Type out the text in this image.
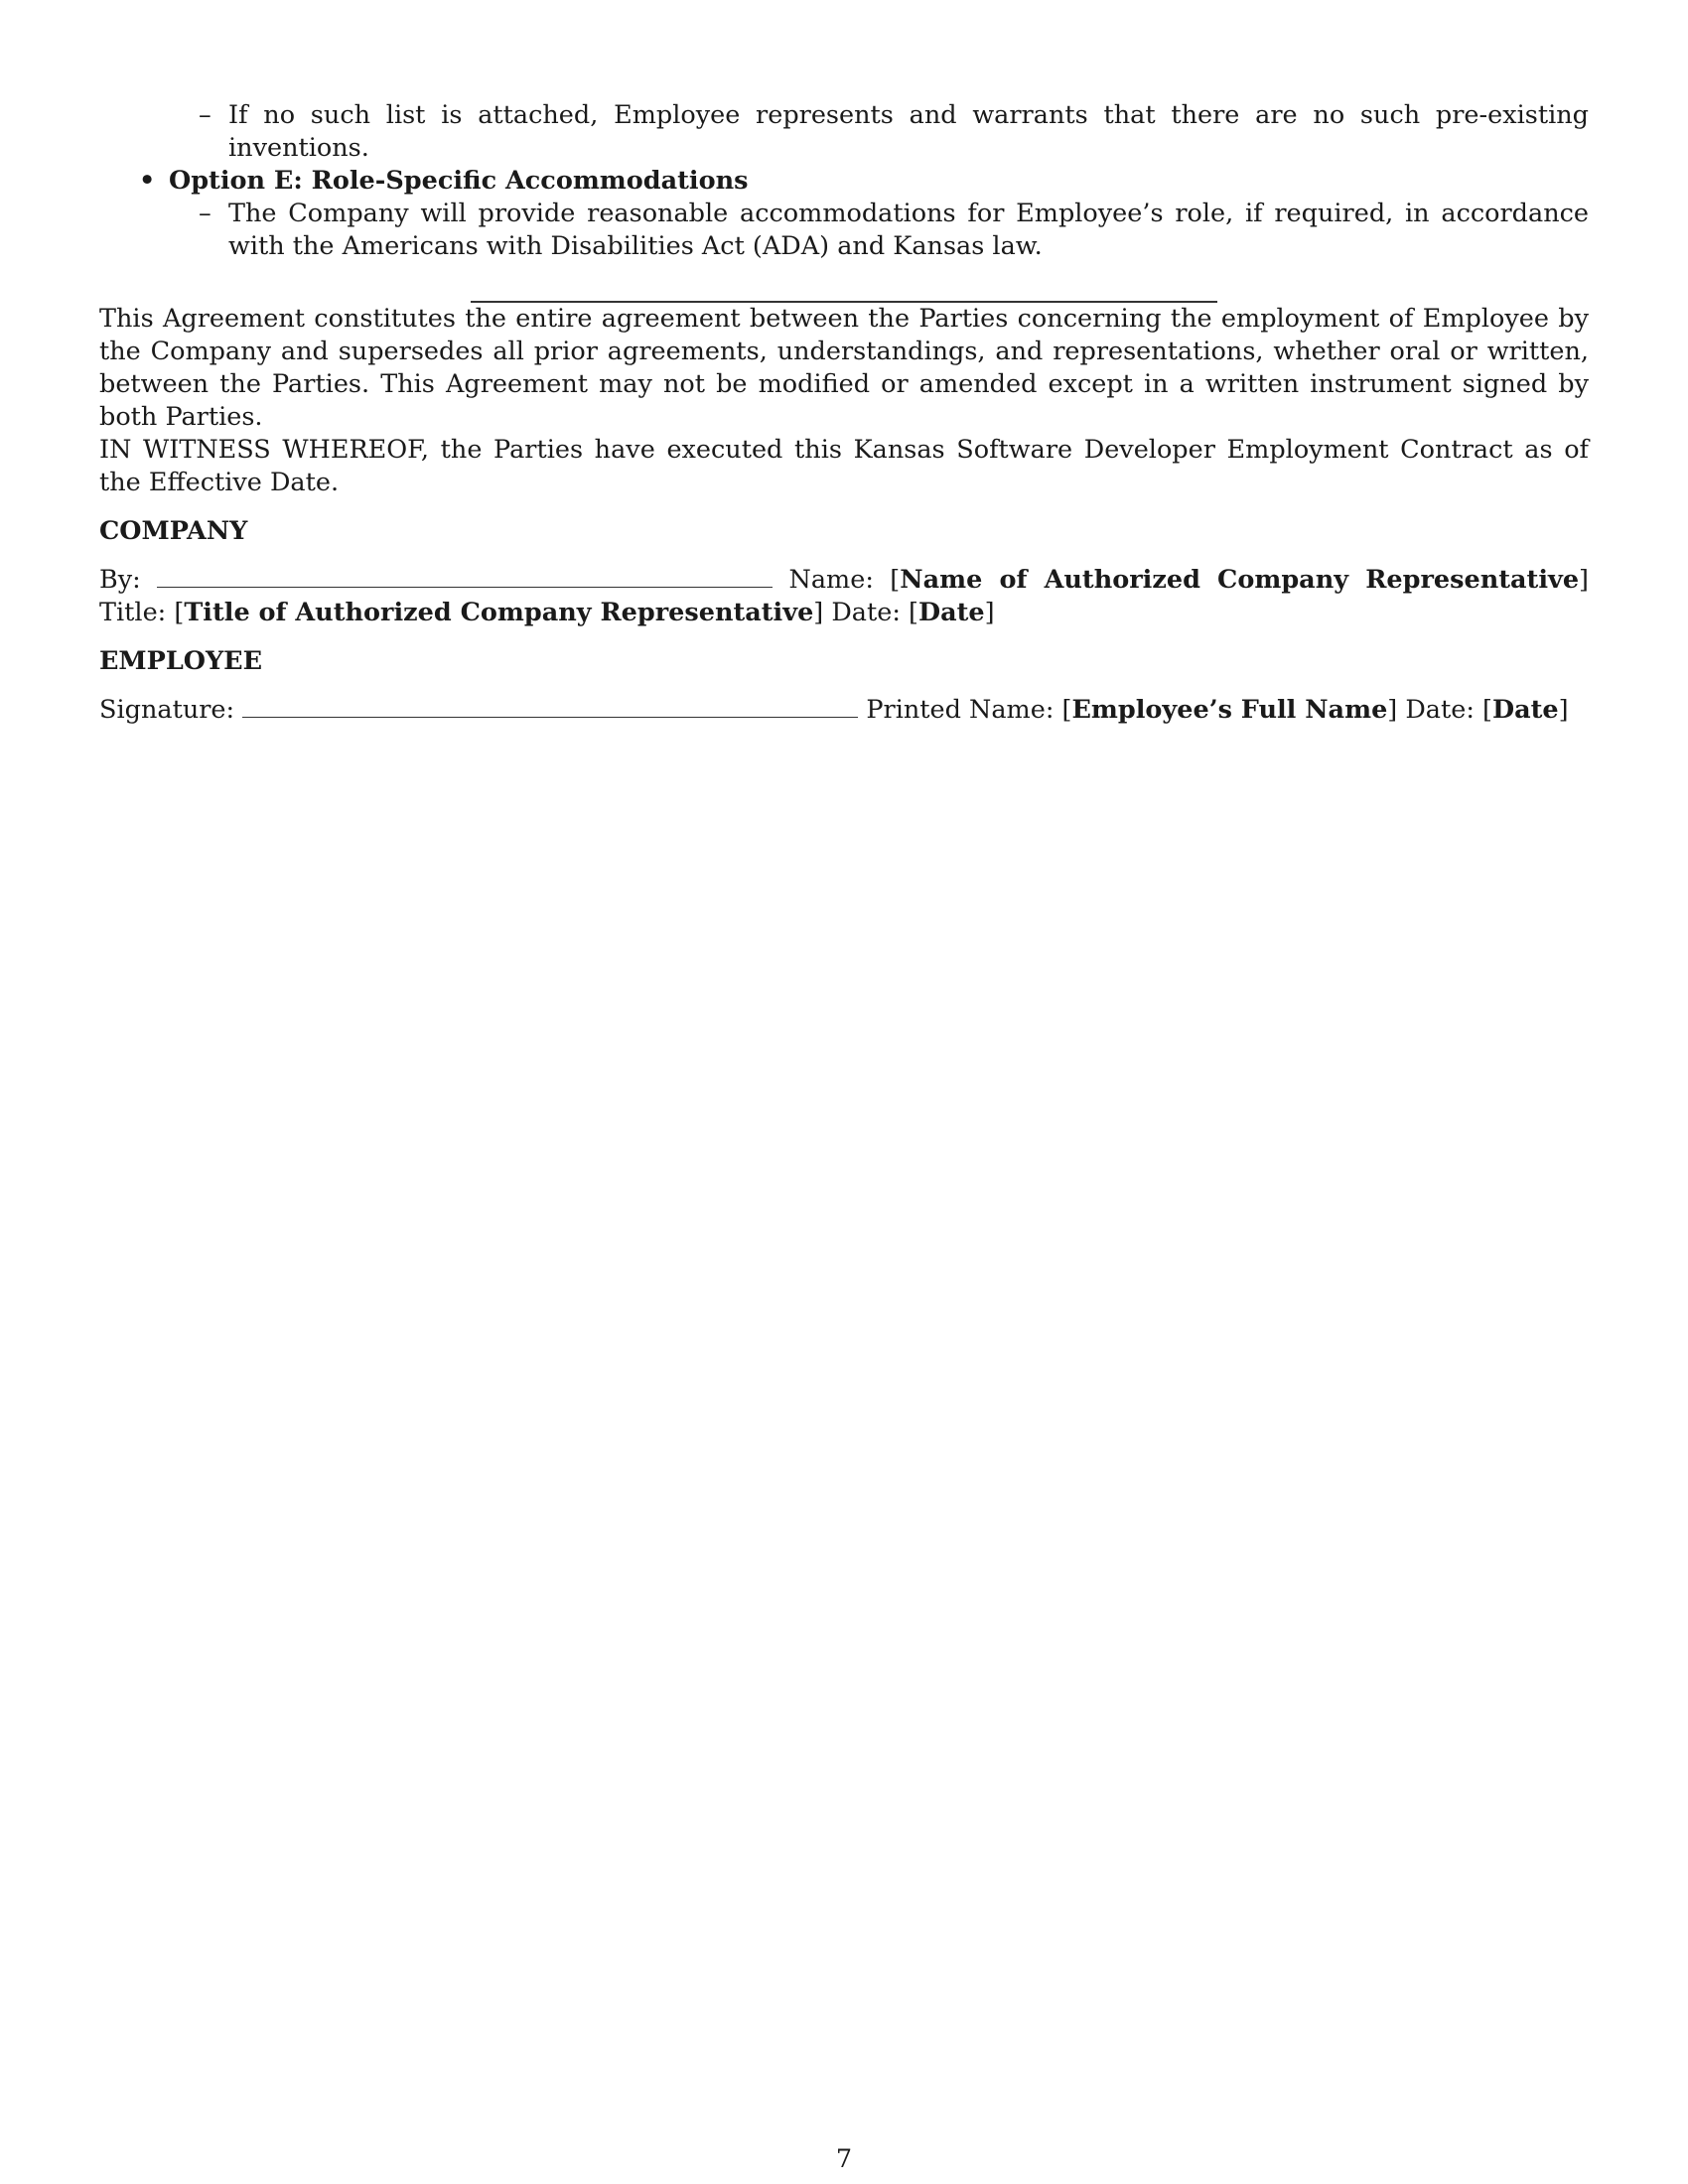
– If no such list is attached, Employee represents and warrants that there are no such pre-existing inventions.
• Option E: Role-Specific Accommodations
– The Company will provide reasonable accommodations for Employee’s role, if required, in accordance with the Americans with Disabilities Act (ADA) and Kansas law.

This Agreement constitutes the entire agreement between the Parties concerning the employment of Employee by the Company and supersedes all prior agreements, understandings, and representations, whether oral or written, between the Parties. This Agreement may not be modified or amended except in a written instrument signed by both Parties.

IN WITNESS WHEREOF, the Parties have executed this Kansas Software Developer Employment Contract as of the Effective Date.

COMPANY
By:	Name: [Name of Authorized Company Representative] Title: [Title of Authorized Company Representative] Date: [Date]
EMPLOYEE
Signature:	Printed Name: [Employee’s Full Name] Date: [Date]
7
